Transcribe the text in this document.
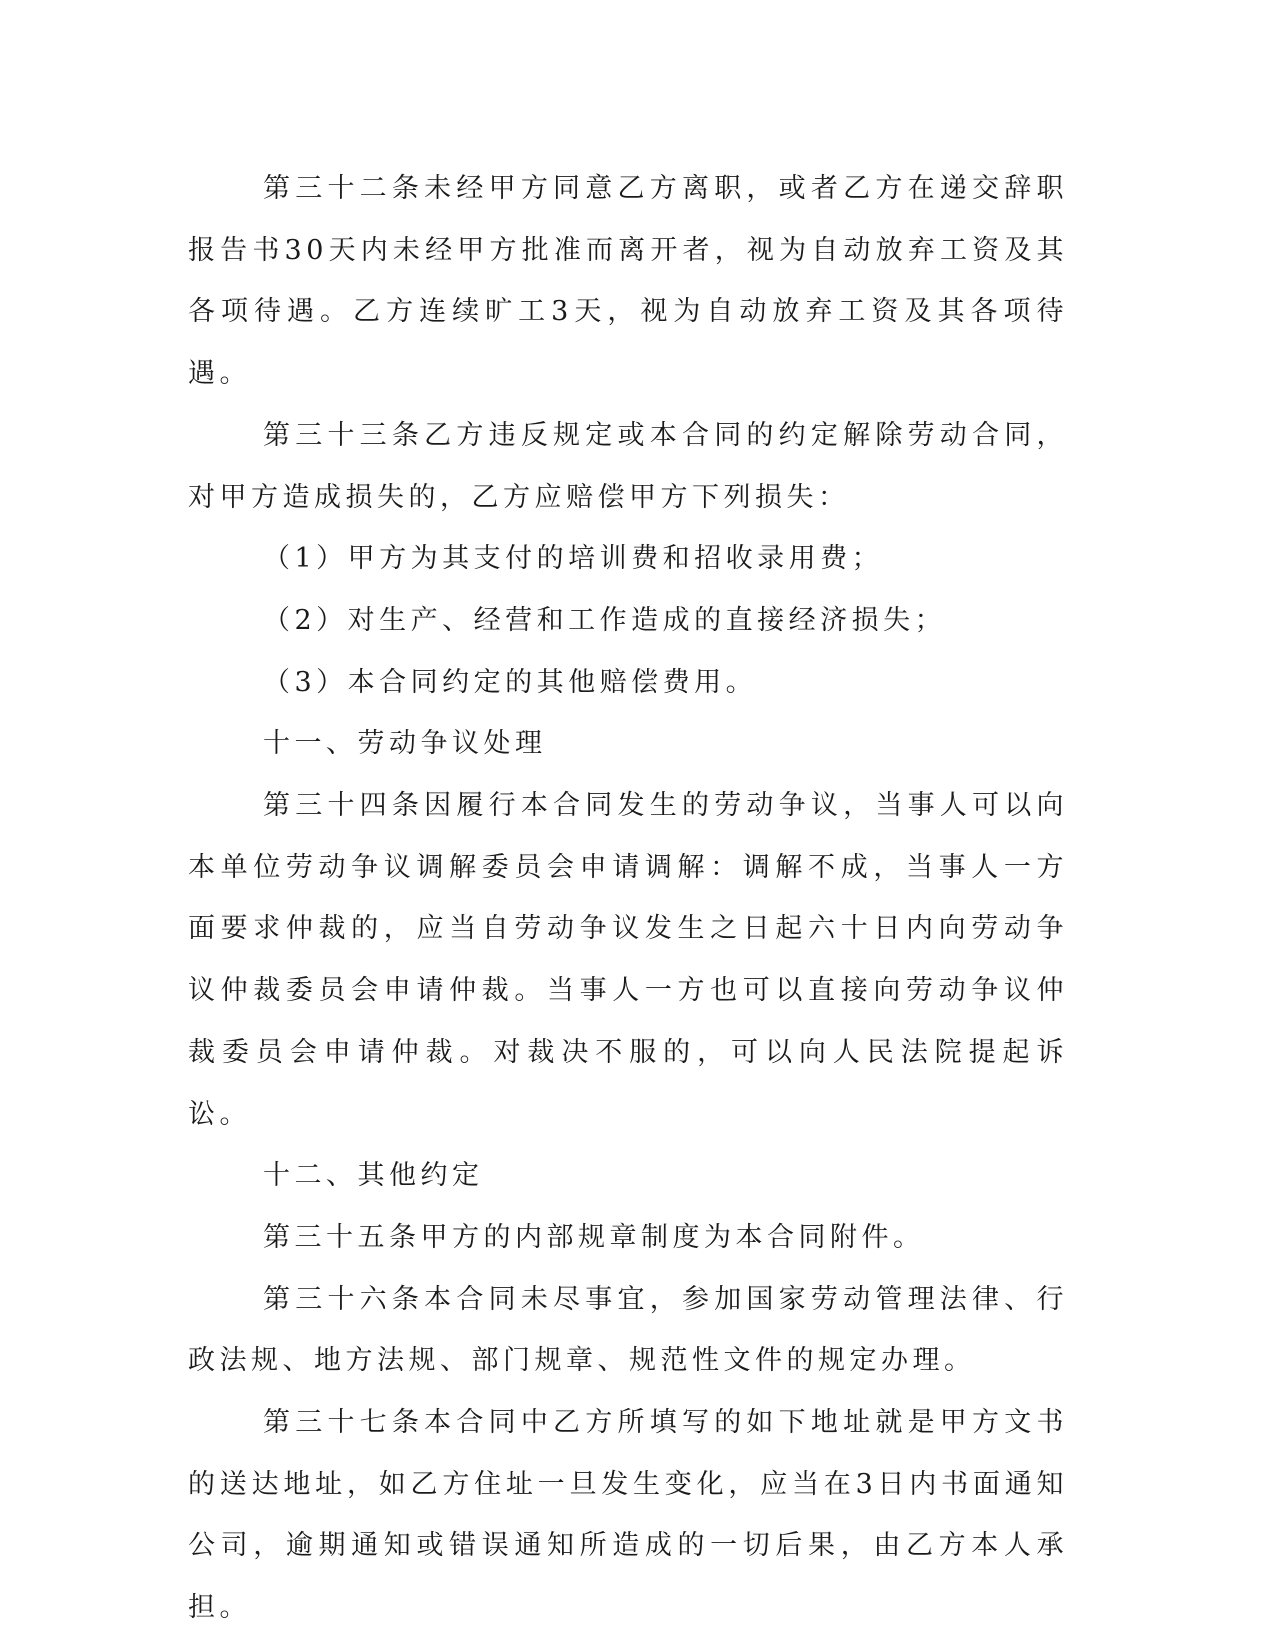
第三十二条未经甲方同意乙方离职，或者乙方在递交辞职报告书30天内未经甲方批准而离开者，视为自动放弃工资及其各项待遇。乙方连续旷工3天，视为自动放弃工资及其各项待遇。

第三十三条乙方违反规定或本合同的约定解除劳动合同，对甲方造成损失的，乙方应赔偿甲方下列损失：

（1）甲方为其支付的培训费和招收录用费；

（2）对生产、经营和工作造成的直接经济损失；

（3）本合同约定的其他赔偿费用。

十一、劳动争议处理

第三十四条因履行本合同发生的劳动争议，当事人可以向本单位劳动争议调解委员会申请调解：调解不成，当事人一方面要求仲裁的，应当自劳动争议发生之日起六十日内向劳动争议仲裁委员会申请仲裁。当事人一方也可以直接向劳动争议仲裁委员会申请仲裁。对裁决不服的，可以向人民法院提起诉讼。

十二、其他约定

第三十五条甲方的内部规章制度为本合同附件。

第三十六条本合同未尽事宜，参加国家劳动管理法律、行政法规、地方法规、部门规章、规范性文件的规定办理。

第三十七条本合同中乙方所填写的如下地址就是甲方文书的送达地址，如乙方住址一旦发生变化，应当在3日内书面通知公司，逾期通知或错误通知所造成的一切后果，由乙方本人承担。
